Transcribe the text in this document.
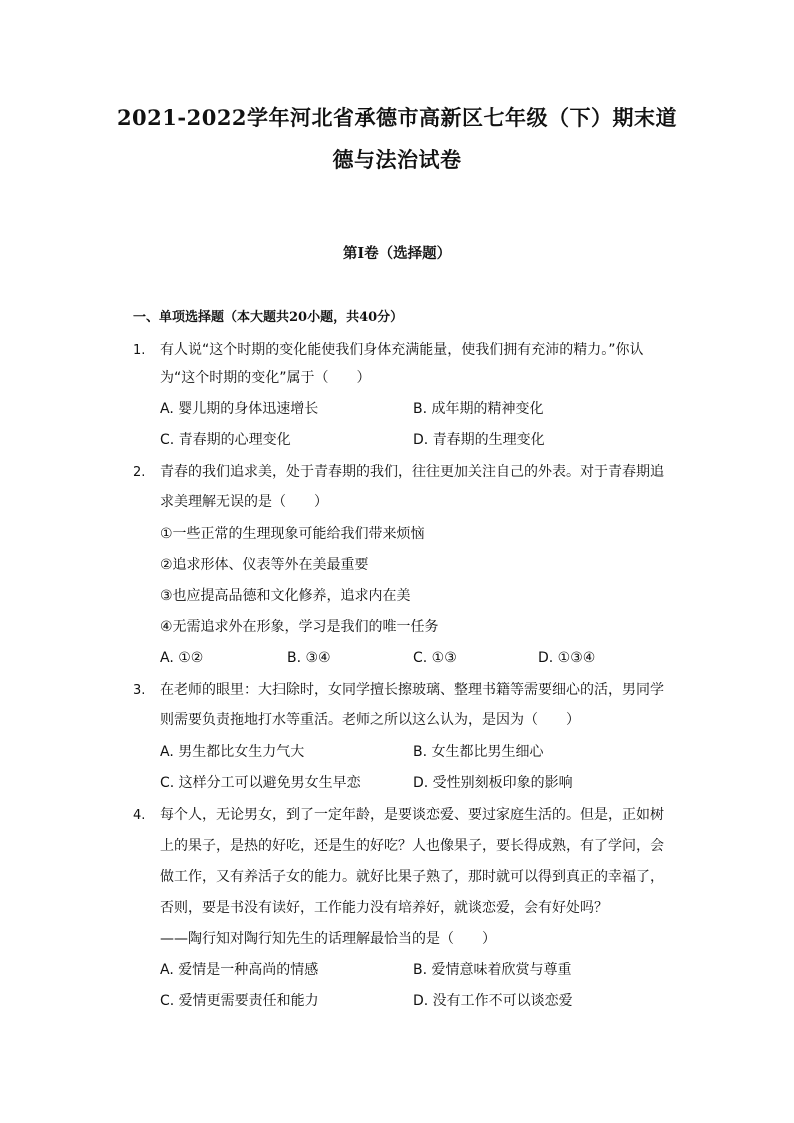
2021-2022学年河北省承德市高新区七年级（下）期末道
德与法治试卷
第Ⅰ卷（选择题）
一、单项选择题（本大题共20小题，共40分）
1. 有人说“这个时期的变化能使我们身体充满能量，使我们拥有充沛的精力。”你认
为“这个时期的变化”属于（　　）
A. 婴儿期的身体迅速增长	B. 成年期的精神变化
C. 青春期的心理变化	D. 青春期的生理变化
2. 青春的我们追求美，处于青春期的我们，往往更加关注自己的外表。对于青春期追
求美理解无误的是（　　）
①一些正常的生理现象可能给我们带来烦恼
②追求形体、仪表等外在美最重要
③也应提高品德和文化修养，追求内在美
④无需追求外在形象，学习是我们的唯一任务
A. ①②	B. ③④	C. ①③	D. ①③④
3. 在老师的眼里：大扫除时，女同学擅长擦玻璃、整理书籍等需要细心的活，男同学
则需要负责拖地打水等重活。老师之所以这么认为，是因为（　　）
A. 男生都比女生力气大	B. 女生都比男生细心
C. 这样分工可以避免男女生早恋	D. 受性别刻板印象的影响
4. 每个人，无论男女，到了一定年龄，是要谈恋爱、要过家庭生活的。但是，正如树
上的果子，是热的好吃，还是生的好吃？人也像果子，要长得成熟，有了学问，会
做工作，又有养活子女的能力。就好比果子熟了，那时就可以得到真正的幸福了，
否则，要是书没有读好，工作能力没有培养好，就谈恋爱，会有好处吗？
——陶行知对陶行知先生的话理解最恰当的是（　　）
A. 爱情是一种高尚的情感	B. 爱情意味着欣赏与尊重
C. 爱情更需要责任和能力	D. 没有工作不可以谈恋爱
